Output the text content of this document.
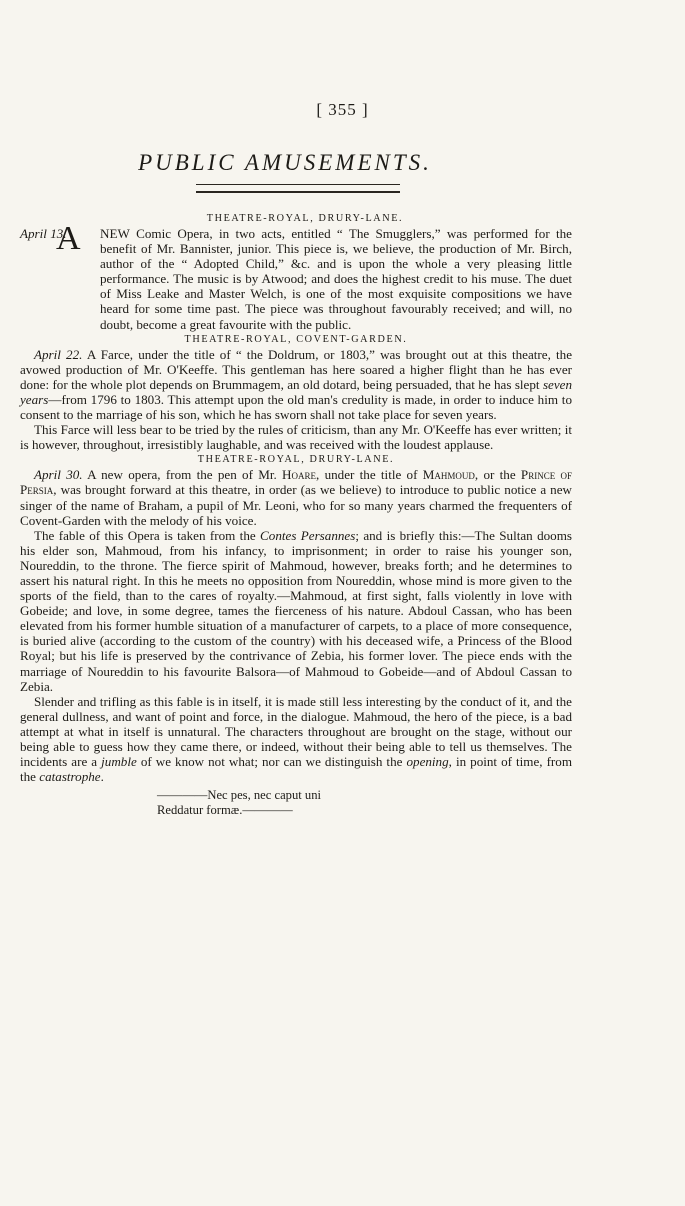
[ 355 ]
PUBLIC AMUSEMENTS.
THEATRE-ROYAL, DRURY-LANE.

April 13.
A NEW Comic Opera, in two acts, entitled “ The Smugglers,” was performed for the benefit of Mr. Bannister, junior. This piece is, we believe, the production of Mr. Birch, author of the “ Adopted Child,” &c. and is upon the whole a very pleasing little performance. The music is by Atwood; and does the highest credit to his muse. The duet of Miss Leake and Master Welch, is one of the most exquisite compositions we have heard for some time past. The piece was throughout favourably received; and will, no doubt, become a great favourite with the public.

THEATRE-ROYAL, COVENT-GARDEN.

April 22. A Farce, under the title of “ the Doldrum, or 1803,” was brought out at this theatre, the avowed production of Mr. O'Keeffe. This gentleman has here soared a higher flight than he has ever done: for the whole plot depends on Brummagem, an old dotard, being persuaded, that he has slept seven years—from 1796 to 1803. This attempt upon the old man's credulity is made, in order to induce him to consent to the marriage of his son, which he has sworn shall not take place for seven years.

This Farce will less bear to be tried by the rules of criticism, than any Mr. O'Keeffe has ever written; it is however, throughout, irresistibly laughable, and was received with the loudest applause.

THEATRE-ROYAL, DRURY-LANE.

April 30. A new opera, from the pen of Mr. Hoare, under the title of Mahmoud, or the Prince of Persia, was brought forward at this theatre, in order (as we believe) to introduce to public notice a new singer of the name of Braham, a pupil of Mr. Leoni, who for so many years charmed the frequenters of Covent-Garden with the melody of his voice.

The fable of this Opera is taken from the Contes Persannes; and is briefly this:—The Sultan dooms his elder son, Mahmoud, from his infancy, to imprisonment; in order to raise his younger son, Noureddin, to the throne. The fierce spirit of Mahmoud, however, breaks forth; and he determines to assert his natural right. In this he meets no opposition from Noureddin, whose mind is more given to the sports of the field, than to the cares of royalty.—Mahmoud, at first sight, falls violently in love with Gobeide; and love, in some degree, tames the fierceness of his nature. Abdoul Cassan, who has been elevated from his former humble situation of a manufacturer of carpets, to a place of more consequence, is buried alive (according to the custom of the country) with his deceased wife, a Princess of the Blood Royal; but his life is preserved by the contrivance of Zebia, his former lover. The piece ends with the marriage of Noureddin to his favourite Balsora—of Mahmoud to Gobeide—and of Abdoul Cassan to Zebia.

Slender and trifling as this fable is in itself, it is made still less interesting by the conduct of it, and the general dullness, and want of point and force, in the dialogue. Mahmoud, the hero of the piece, is a bad attempt at what in itself is unnatural. The characters throughout are brought on the stage, without our being able to guess how they came there, or indeed, without their being able to tell us themselves. The incidents are a jumble of we know not what; nor can we distinguish the opening, in point of time, from the catastrophe.

————Nec pes, nec caput uni
Reddatur formæ.————
